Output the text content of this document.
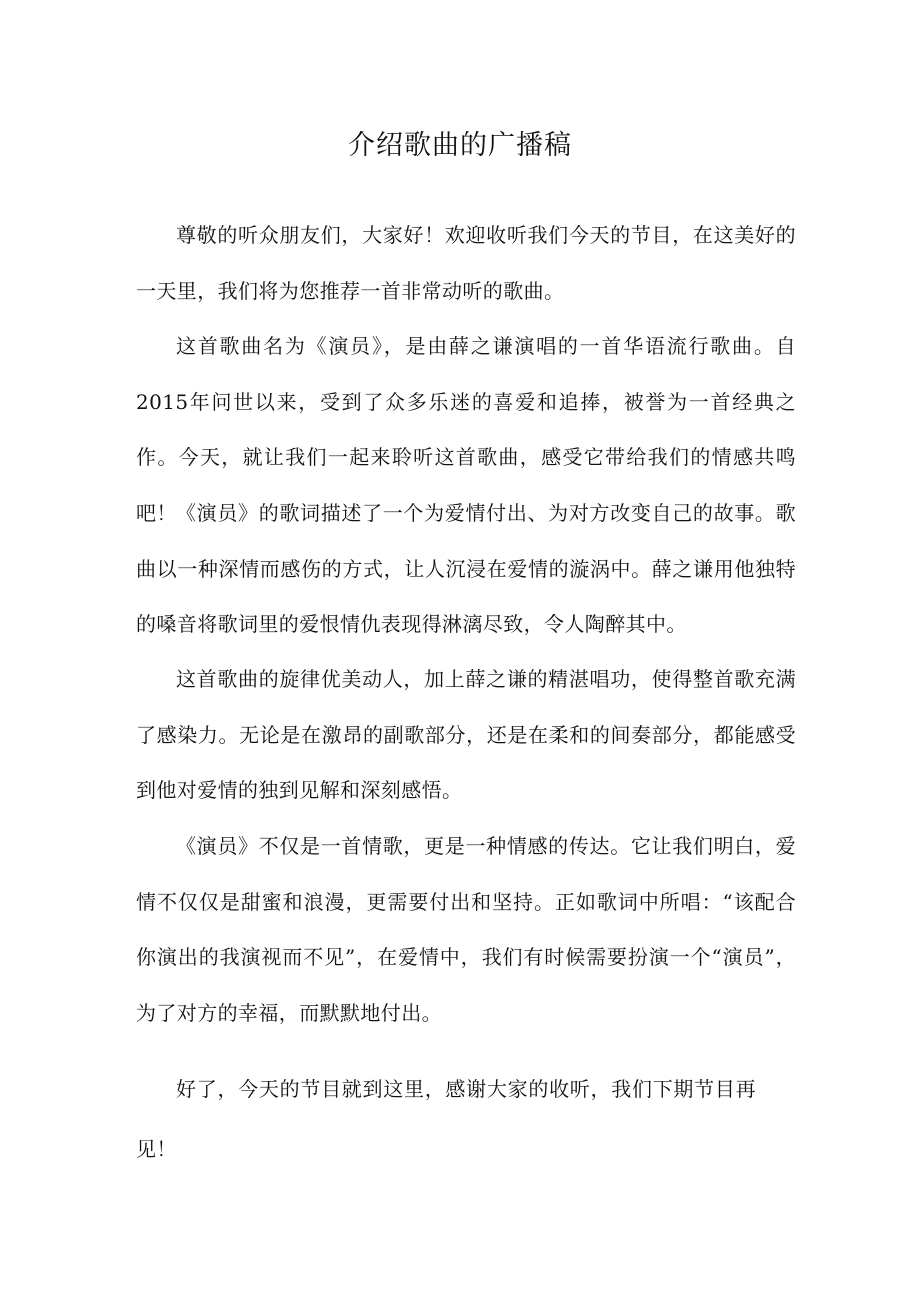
介绍歌曲的广播稿

尊敬的听众朋友们，大家好！欢迎收听我们今天的节目，在这美好的一天里，我们将为您推荐一首非常动听的歌曲。

这首歌曲名为《演员》，是由薛之谦演唱的一首华语流行歌曲。自2015年问世以来，受到了众多乐迷的喜爱和追捧，被誉为一首经典之作。今天，就让我们一起来聆听这首歌曲，感受它带给我们的情感共鸣吧！ 《演员》的歌词描述了一个为爱情付出、为对方改变自己的故事。歌曲以一种深情而感伤的方式，让人沉浸在爱情的漩涡中。薛之谦用他独特的嗓音将歌词里的爱恨情仇表现得淋漓尽致，令人陶醉其中。

这首歌曲的旋律优美动人，加上薛之谦的精湛唱功，使得整首歌充满了感染力。无论是在激昂的副歌部分，还是在柔和的间奏部分，都能感受到他对爱情的独到见解和深刻感悟。

《演员》不仅是一首情歌，更是一种情感的传达。它让我们明白，爱情不仅仅是甜蜜和浪漫，更需要付出和坚持。正如歌词中所唱：“该配合你演出的我演视而不见”，在爱情中，我们有时候需要扮演一个“演员”，为了对方的幸福，而默默地付出。

好了，今天的节目就到这里，感谢大家的收听，我们下期节目再见！
